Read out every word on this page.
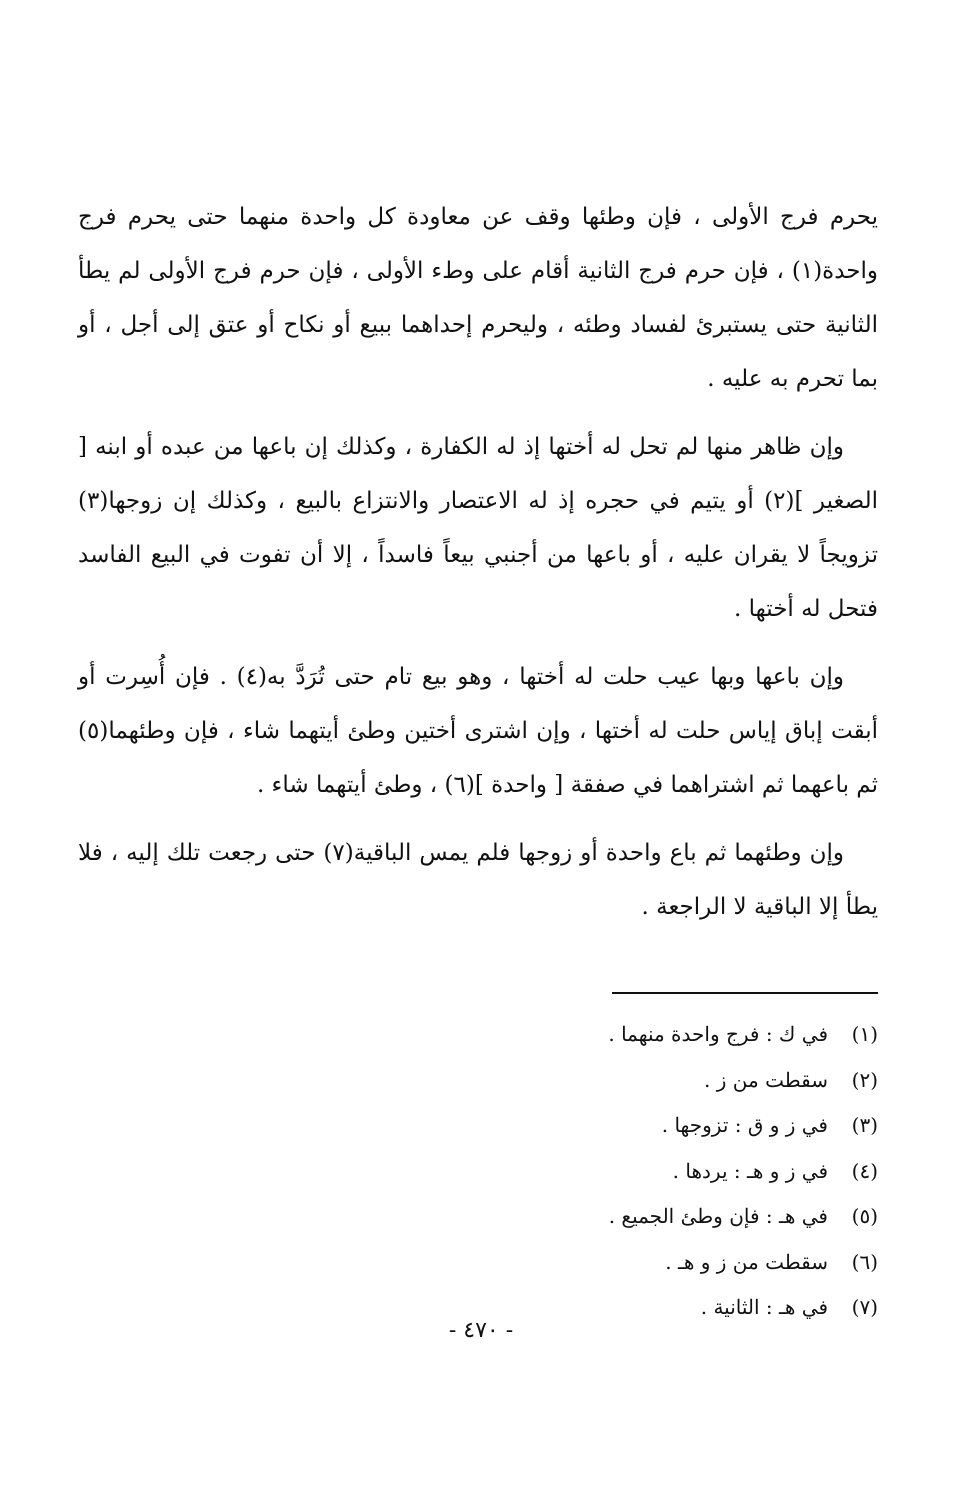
يحرم فرج الأولى ، فإن وطئها وقف عن معاودة كل واحدة منهما حتى يحرم فرج واحدة(١) ، فإن حرم فرج الثانية أقام على وطء الأولى ، فإن حرم فرج الأولى لم يطأ الثانية حتى يستبرئ لفساد وطئه ، وليحرم إحداهما ببيع أو نكاح أو عتق إلى أجل ، أو بما تحرم به عليه .

وإن ظاهر منها لم تحل له أختها إذ له الكفارة ، وكذلك إن باعها من عبده أو ابنه [ الصغير ](٢) أو يتيم في حجره إذ له الاعتصار والانتزاع بالبيع ، وكذلك إن زوجها(٣) تزويجاً لا يقران عليه ، أو باعها من أجنبي بيعاً فاسداً ، إلا أن تفوت في البيع الفاسد فتحل له أختها .

وإن باعها وبها عيب حلت له أختها ، وهو بيع تام حتى تُرَدَّ به(٤) . فإن أُسِرت أو أبقت إباق إياس حلت له أختها ، وإن اشترى أختين وطئ أيتهما شاء ، فإن وطئهما(٥) ثم باعهما ثم اشتراهما في صفقة [ واحدة ](٦) ، وطئ أيتهما شاء .

وإن وطئهما ثم باع واحدة أو زوجها فلم يمس الباقية(٧) حتى رجعت تلك إليه ، فلا يطأ إلا الباقية لا الراجعة .

(١)في ك : فرج واحدة منهما .
(٢)سقطت من ز .
(٣)في ز و ق : تزوجها .
(٤)في ز و هـ : يردها .
(٥)في هـ : فإن وطئ الجميع .
(٦)سقطت من ز و هـ .
(٧)في هـ : الثانية .
- ٤٧٠ -
